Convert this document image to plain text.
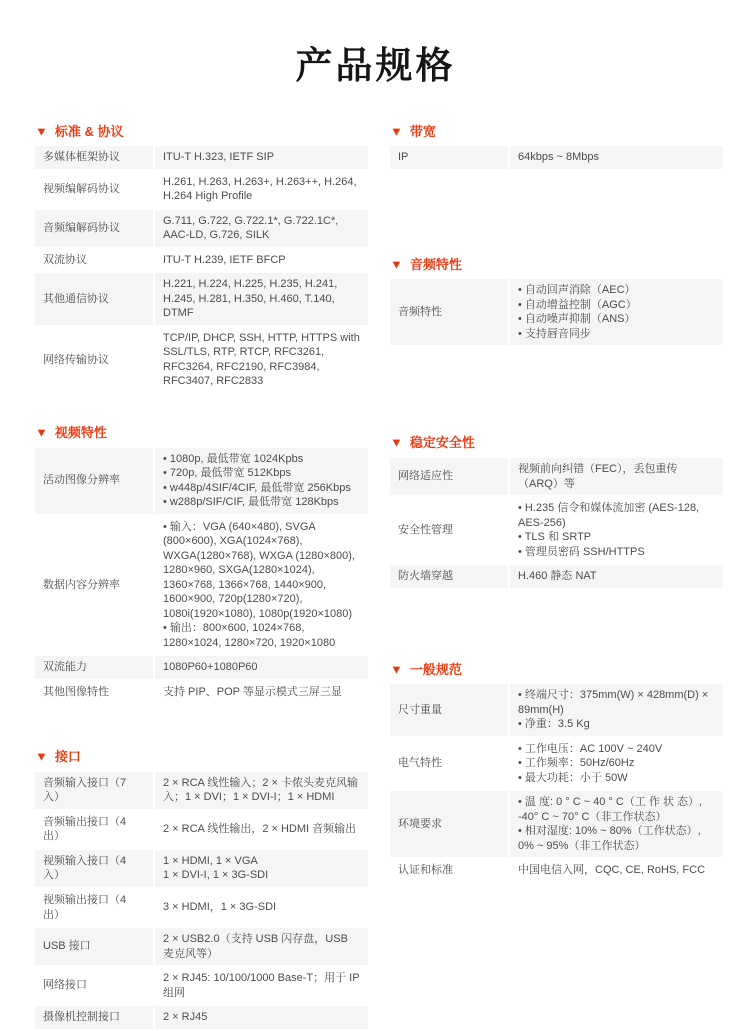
产品规格
▼ 标准 & 协议
多媒体框架协议	ITU-T H.323, IETF SIP

视频编解码协议	H.261, H.263, H.263+, H.263++, H.264, H.264 High Profile

音频编解码协议	G.711, G.722, G.722.1*, G.722.1C*, AAC-LD, G.726, SILK

双流协议	ITU-T H.239, IETF BFCP

其他通信协议	H.221, H.224, H.225, H.235, H.241, H.245, H.281, H.350, H.460, T.140, DTMF

网络传输协议	TCP/IP, DHCP, SSH, HTTP, HTTPS with SSL/TLS, RTP, RTCP, RFC3261, RFC3264, RFC2190, RFC3984, RFC3407, RFC2833
▼ 视频特性
活动图像分辨率	• 1080p, 最低带宽 1024Kpbs
• 720p, 最低带宽 512Kbps
• w448p/4SIF/4CIF, 最低带宽 256Kbps
• w288p/SIF/CIF, 最低带宽 128Kbps

数据内容分辨率	• 输入：VGA (640×480), SVGA (800×600), XGA(1024×768), WXGA(1280×768), WXGA (1280×800), 1280×960, SXGA(1280×1024), 1360×768, 1366×768, 1440×900, 1600×900, 720p(1280×720), 1080i(1920×1080), 1080p(1920×1080)
• 输出：800×600, 1024×768, 1280×1024, 1280×720, 1920×1080

双流能力	1080P60+1080P60

其他图像特性	支持 PIP、POP 等显示模式三屏三显
▼ 接口
音频输入接口（7 入）	2 × RCA 线性输入；2 × 卡侬头麦克风输入；1 × DVI；1 × DVI-I；1 × HDMI

音频输出接口（4 出）	2 × RCA 线性输出，2 × HDMI 音频输出

视频输入接口（4 入）	1 × HDMI, 1 × VGA
1 × DVI-I, 1 × 3G-SDI

视频输出接口（4 出）	3 × HDMI，1 × 3G-SDI

USB 接口	2 × USB2.0（支持 USB 闪存盘，USB 麦克风等）

网络接口	2 × RJ45: 10/100/1000 Base-T；用于 IP 组网

摄像机控制接口	2 × RJ45
▼ 带宽
IP	64kbps ~ 8Mbps
▼ 音频特性
音频特性	
• 自动回声消除（AEC）
• 自动增益控制（AGC）
• 自动噪声抑制（ANS）
• 支持唇音同步
▼ 稳定安全性
网络适应性	视频前向纠错（FEC），丢包重传（ARQ）等

安全性管理	• H.235 信令和媒体流加密 (AES-128, AES-256)
• TLS 和 SRTP
• 管理员密码 SSH/HTTPS

防火墙穿越	H.460 静态 NAT
▼ 一般规范
尺寸重量	• 终端尺寸：375mm(W) × 428mm(D) × 89mm(H)
• 净重：3.5 Kg

电气特性	• 工作电压：AC 100V ~ 240V
• 工作频率：50Hz/60Hz
• 最大功耗：小于 50W

环境要求	• 温 度: 0 ° C ~ 40 ° C（工 作 状 态）, -40° C ~ 70° C（非工作状态）
• 相对湿度: 10% ~ 80%（工作状态）, 0% ~ 95%（非工作状态）

认证和标准	中国电信入网，CQC, CE, RoHS, FCC
